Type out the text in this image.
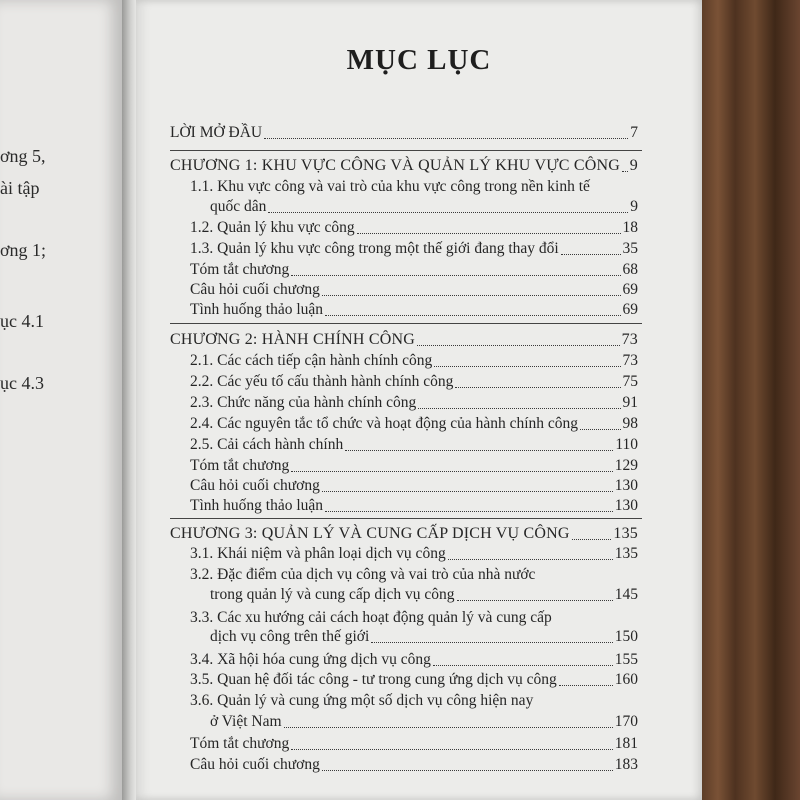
ơng 5,
ài tập
ơng 1;
ục 4.1
ục 4.3
MỤC LỤC
LỜI MỞ ĐẦU	7
CHƯƠNG 1: KHU VỰC CÔNG VÀ QUẢN LÝ KHU VỰC CÔNG 9
1.1. Khu vực công và vai trò của khu vực công trong nền kinh tế
quốc dân	9
1.2. Quản lý khu vực công	18
1.3. Quản lý khu vực công trong một thế giới đang thay đổi	35
Tóm tắt chương	68
Câu hỏi cuối chương	69
Tình huống thảo luận	69
CHƯƠNG 2: HÀNH CHÍNH CÔNG	73
2.1. Các cách tiếp cận hành chính công	73
2.2. Các yếu tố cấu thành hành chính công	75
2.3. Chức năng của hành chính công	91
2.4. Các nguyên tắc tổ chức và hoạt động của hành chính công	98
2.5. Cải cách hành chính	110
Tóm tắt chương	129
Câu hỏi cuối chương	130
Tình huống thảo luận	130
CHƯƠNG 3: QUẢN LÝ VÀ CUNG CẤP DỊCH VỤ CÔNG	135
3.1. Khái niệm và phân loại dịch vụ công	135
3.2. Đặc điểm của dịch vụ công và vai trò của nhà nước
trong quản lý và cung cấp dịch vụ công	145
3.3. Các xu hướng cải cách hoạt động quản lý và cung cấp
dịch vụ công trên thế giới	150
3.4. Xã hội hóa cung ứng dịch vụ công	155
3.5. Quan hệ đối tác công - tư trong cung ứng dịch vụ công	160
3.6. Quản lý và cung ứng một số dịch vụ công hiện nay
ở Việt Nam	170
Tóm tắt chương	181
Câu hỏi cuối chương	183
